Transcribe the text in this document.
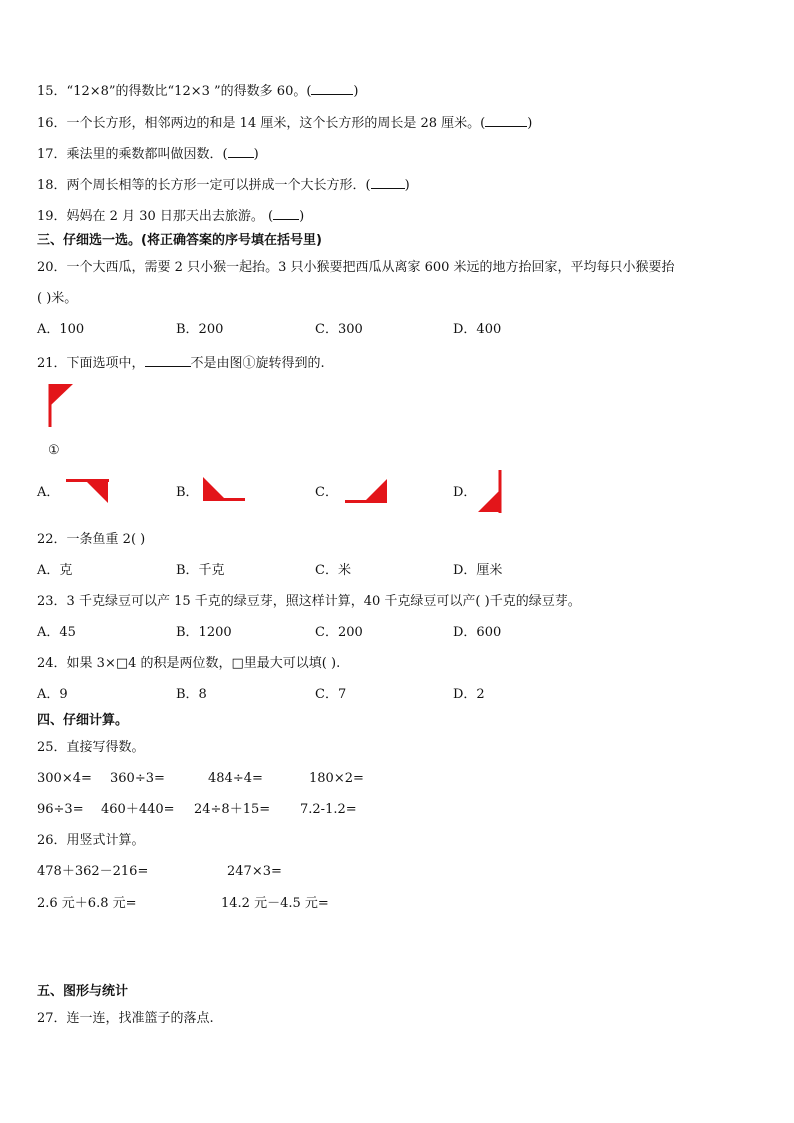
15．“12×8”的得数比“12×3 ”的得数多 60。(	)
16．一个长方形，相邻两边的和是 14 厘米，这个长方形的周长是 28 厘米。(	)
17．乘法里的乘数都叫做因数．( )
18．两个周长相等的长方形一定可以拼成一个大长方形．(	)
19．妈妈在 2 月 30 日那天出去旅游。 ( )
三、仔细选一选。(将正确答案的序号填在括号里)
20．一个大西瓜，需要 2 只小猴一起抬。3 只小猴要把西瓜从离家 600 米远的地方抬回家，平均每只小猴要抬
( )米。
A．100	B．200	C．300	D．400
21．下面选项中，	不是由图①旋转得到的.
①
A．	B．	C．	D．
22．一条鱼重 2( )
A．克	B．千克	C．米	D．厘米
23．3 千克绿豆可以产 15 千克的绿豆芽，照这样计算，40 千克绿豆可以产( )千克的绿豆芽。
A．45	B．1200	C．200	D．600
24．如果 3×□4 的积是两位数，□里最大可以填( ).
A．9	B．8	C．7	D．2
四、仔细计算。
25．直接写得数。
300×4= 360÷3=	484÷4=	180×2=
96÷3= 460＋440= 24÷8＋15= 7.2-1.2=
26．用竖式计算。
478＋362－216=	247×3=
2.6 元＋6.8 元=	14.2 元－4.5 元=
五、图形与统计
27．连一连，找准篮子的落点.
